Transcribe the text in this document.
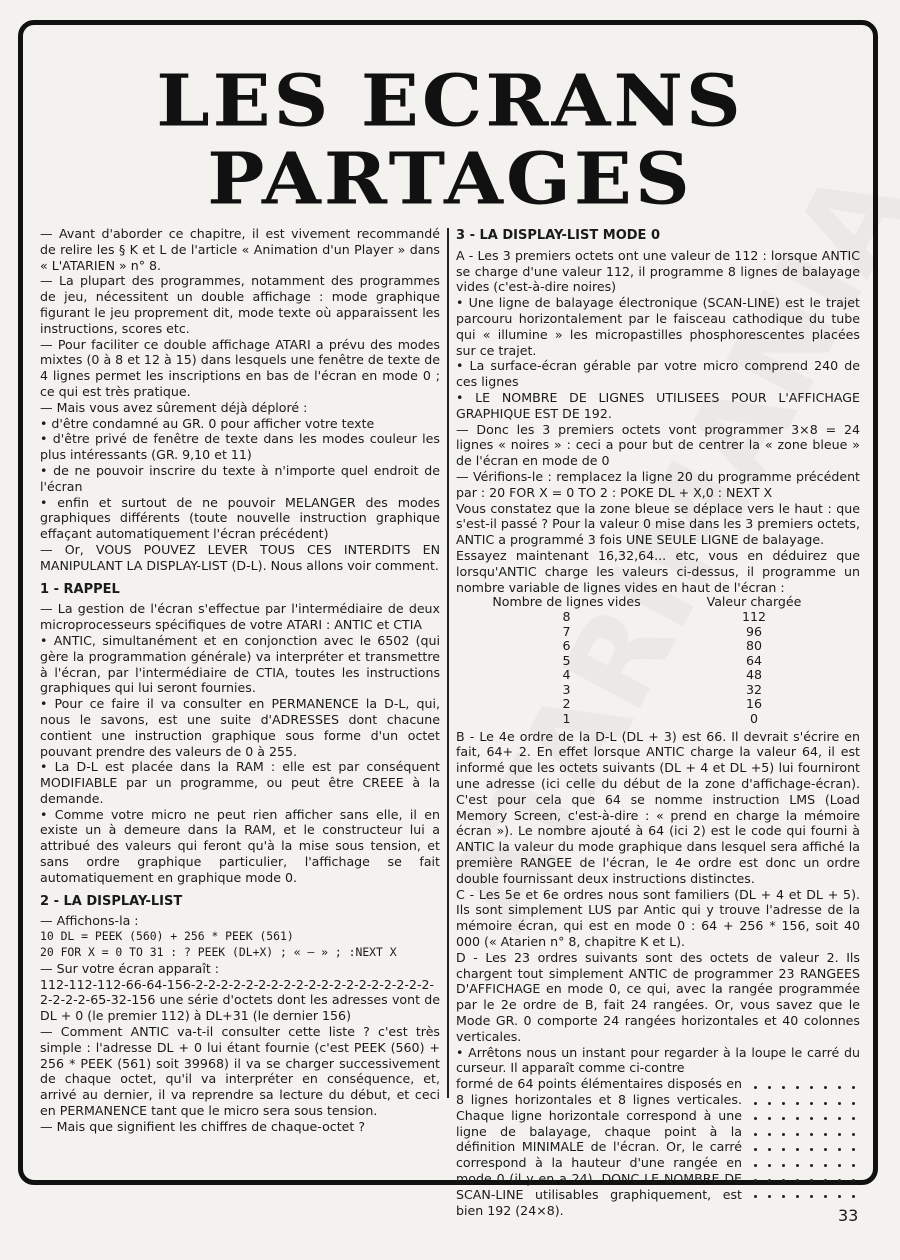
LES ECRANS
PARTAGES

— Avant d'aborder ce chapitre, il est vivement recommandé de relire les § K et L de l'article « Animation d'un Player » dans « L'ATARIEN » n° 8.

— La plupart des programmes, notamment des programmes de jeu, nécessitent un double affichage : mode graphique figurant le jeu proprement dit, mode texte où apparaissent les instructions, scores etc.

— Pour faciliter ce double affichage ATARI a prévu des modes mixtes (0 à 8 et 12 à 15) dans lesquels une fenêtre de texte de 4 lignes permet les inscriptions en bas de l'écran en mode 0 ; ce qui est très pratique.

— Mais vous avez sûrement déjà déploré :

• d'être condamné au GR. 0 pour afficher votre texte

• d'être privé de fenêtre de texte dans les modes couleur les plus intéressants (GR. 9,10 et 11)

• de ne pouvoir inscrire du texte à n'importe quel endroit de l'écran

• enfin et surtout de ne pouvoir MELANGER des modes graphiques différents (toute nouvelle instruction graphique effaçant automatiquement l'écran précédent)

— Or, VOUS POUVEZ LEVER TOUS CES INTERDITS EN MANIPULANT LA DISPLAY-LIST (D-L). Nous allons voir comment.

1 - RAPPEL

— La gestion de l'écran s'effectue par l'intermédiaire de deux microprocesseurs spécifiques de votre ATARI : ANTIC et CTIA

• ANTIC, simultanément et en conjonction avec le 6502 (qui gère la programmation générale) va interpréter et transmettre à l'écran, par l'intermédiaire de CTIA, toutes les instructions graphiques qui lui seront fournies.

• Pour ce faire il va consulter en PERMANENCE la D-L, qui, nous le savons, est une suite d'ADRESSES dont chacune contient une instruction graphique sous forme d'un octet pouvant prendre des valeurs de 0 à 255.

• La D-L est placée dans la RAM : elle est par conséquent MODIFIABLE par un programme, ou peut être CREEE à la demande.

• Comme votre micro ne peut rien afficher sans elle, il en existe un à demeure dans la RAM, et le constructeur lui a attribué des valeurs qui feront qu'à la mise sous tension, et sans ordre graphique particulier, l'affichage se fait automatiquement en graphique mode 0.

2 - LA DISPLAY-LIST

— Affichons-la :

10 DL = PEEK (560) + 256 * PEEK (561)

20 FOR X = 0 TO 31 : ? PEEK (DL+X) ; « — » ; :NEXT X

— Sur votre écran apparaît :

112-112-112-66-64-156-2-2-2-2-2-2-2-2-2-2-2-2-2-2-2-2-2-2-2-2-2-2-2-65-32-156 une série d'octets dont les adresses vont de DL + 0 (le premier 112) à DL+31 (le dernier 156)

— Comment ANTIC va-t-il consulter cette liste ? c'est très simple : l'adresse DL + 0 lui étant fournie (c'est PEEK (560) + 256 * PEEK (561) soit 39968) il va se charger successivement de chaque octet, qu'il va interpréter en conséquence, et, arrivé au dernier, il va reprendre sa lecture du début, et ceci en PERMANENCE tant que le micro sera sous tension.

— Mais que signifient les chiffres de chaque-octet ?

3 - LA DISPLAY-LIST MODE 0

A - Les 3 premiers octets ont une valeur de 112 : lorsque ANTIC se charge d'une valeur 112, il programme 8 lignes de balayage vides (c'est-à-dire noires)

• Une ligne de balayage électronique (SCAN-LINE) est le trajet parcouru horizontalement par le faisceau cathodique du tube qui « illumine » les micropastilles phosphorescentes placées sur ce trajet.

• La surface-écran gérable par votre micro comprend 240 de ces lignes

• LE NOMBRE DE LIGNES UTILISEES POUR L'AFFICHAGE GRAPHIQUE EST DE 192.

— Donc les 3 premiers octets vont programmer 3×8 = 24 lignes « noires » : ceci a pour but de centrer la « zone bleue » de l'écran en mode de 0

— Vérifions-le : remplacez la ligne 20 du programme précédent par : 20 FOR X = 0 TO 2 : POKE DL + X,0 : NEXT X

Vous constatez que la zone bleue se déplace vers le haut : que s'est-il passé ? Pour la valeur 0 mise dans les 3 premiers octets, ANTIC a programmé 3 fois UNE SEULE LIGNE de balayage.

Essayez maintenant 16,32,64... etc, vous en déduirez que lorsqu'ANTIC charge les valeurs ci-dessus, il programme un nombre variable de lignes vides en haut de l'écran :

Nombre de lignes vides	Valeur chargée
8	112
7	96
6	80
5	64
4	48
3	32
2	16
1	0

B - Le 4e ordre de la D-L (DL + 3) est 66. Il devrait s'écrire en fait, 64+ 2. En effet lorsque ANTIC charge la valeur 64, il est informé que les octets suivants (DL + 4 et DL +5) lui fourniront une adresse (ici celle du début de la zone d'affichage-écran). C'est pour cela que 64 se nomme instruction LMS (Load Memory Screen, c'est-à-dire : « prend en charge la mémoire écran »). Le nombre ajouté à 64 (ici 2) est le code qui fourni à ANTIC la valeur du mode graphique dans lesquel sera affiché la première RANGEE de l'écran, le 4e ordre est donc un ordre double fournissant deux instructions distinctes.

C - Les 5e et 6e ordres nous sont familiers (DL + 4 et DL + 5). Ils sont simplement LUS par Antic qui y trouve l'adresse de la mémoire écran, qui est en mode 0 : 64 + 256 * 156, soit 40 000 (« Atarien n° 8, chapitre K et L).

D - Les 23 ordres suivants sont des octets de valeur 2. Ils chargent tout simplement ANTIC de programmer 23 RANGEES D'AFFICHAGE en mode 0, ce qui, avec la rangée programmée par le 2e ordre de B, fait 24 rangées. Or, vous savez que le Mode GR. 0 comporte 24 rangées horizontales et 40 colonnes verticales.

• Arrêtons nous un instant pour regarder à la loupe le carré du curseur. Il apparaît comme ci-contre

formé de 64 points élémentaires disposés en 8 lignes horizontales et 8 lignes verticales. Chaque ligne horizontale correspond à une ligne de balayage, chaque point à la définition MINIMALE de l'écran. Or, le carré correspond à la hauteur d'une rangée en mode 0 (il y en a 24). DONC LE NOMBRE DE SCAN-LINE utilisables graphiquement, est bien 192 (24×8).	33
